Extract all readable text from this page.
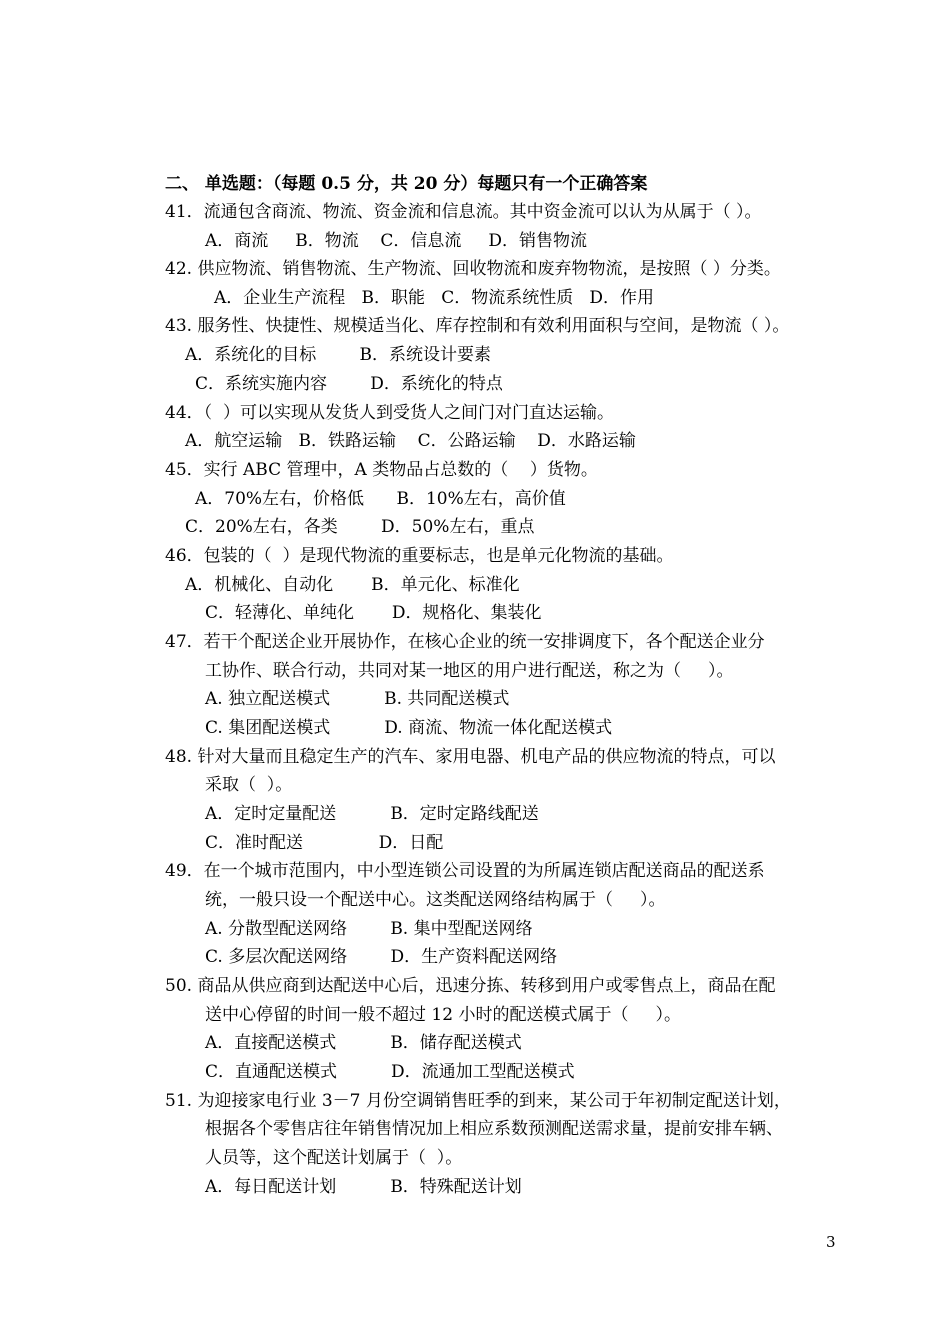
二、 单选题：（每题 0.5 分，共 20 分）每题只有一个正确答案
41．流通包含商流、物流、资金流和信息流。其中资金流可以认为从属于（ ）。
A．商流     B．物流    C．信息流     D．销售物流
42. 供应物流、销售物流、生产物流、回收物流和废弃物物流，是按照（ ）分类。
A．企业生产流程   B．职能   C．物流系统性质   D．作用
43. 服务性、快捷性、规模适当化、库存控制和有效利用面积与空间，是物流（ ）。
A．系统化的目标        B．系统设计要素
C．系统实施内容        D．系统化的特点
44．（  ）可以实现从发货人到受货人之间门对门直达运输。
A．航空运输   B．铁路运输    C．公路运输    D．水路运输
45．实行 ABC 管理中，A 类物品占总数的（    ）货物。
A．70%左右，价格低      B．10%左右，高价值
C．20%左右，各类        D．50%左右，重点
46．包装的（  ）是现代物流的重要标志，也是单元化物流的基础。
A．机械化、自动化       B．单元化、标准化
C．轻薄化、单纯化       D．规格化、集装化
47．若干个配送企业开展协作，在核心企业的统一安排调度下，各个配送企业分
工协作、联合行动，共同对某一地区的用户进行配送，称之为（     ）。
A. 独立配送模式          B. 共同配送模式
C. 集团配送模式          D. 商流、物流一体化配送模式
48. 针对大量而且稳定生产的汽车、家用电器、机电产品的供应物流的特点，可以
采取（  ）。
A．定时定量配送          B．定时定路线配送
C．准时配送              D．日配
49．在一个城市范围内，中小型连锁公司设置的为所属连锁店配送商品的配送系
统，一般只设一个配送中心。这类配送网络结构属于（     ）。
A. 分散型配送网络        B. 集中型配送网络
C. 多层次配送网络        D．生产资料配送网络
50. 商品从供应商到达配送中心后，迅速分拣、转移到用户或零售点上，商品在配
送中心停留的时间一般不超过 12 小时的配送模式属于（     ）。
A．直接配送模式          B．储存配送模式
C．直通配送模式          D．流通加工型配送模式
51. 为迎接家电行业 3－7 月份空调销售旺季的到来，某公司于年初制定配送计划，
根据各个零售店往年销售情况加上相应系数预测配送需求量，提前安排车辆、
人员等，这个配送计划属于（  ）。
A．每日配送计划          B．特殊配送计划
3
